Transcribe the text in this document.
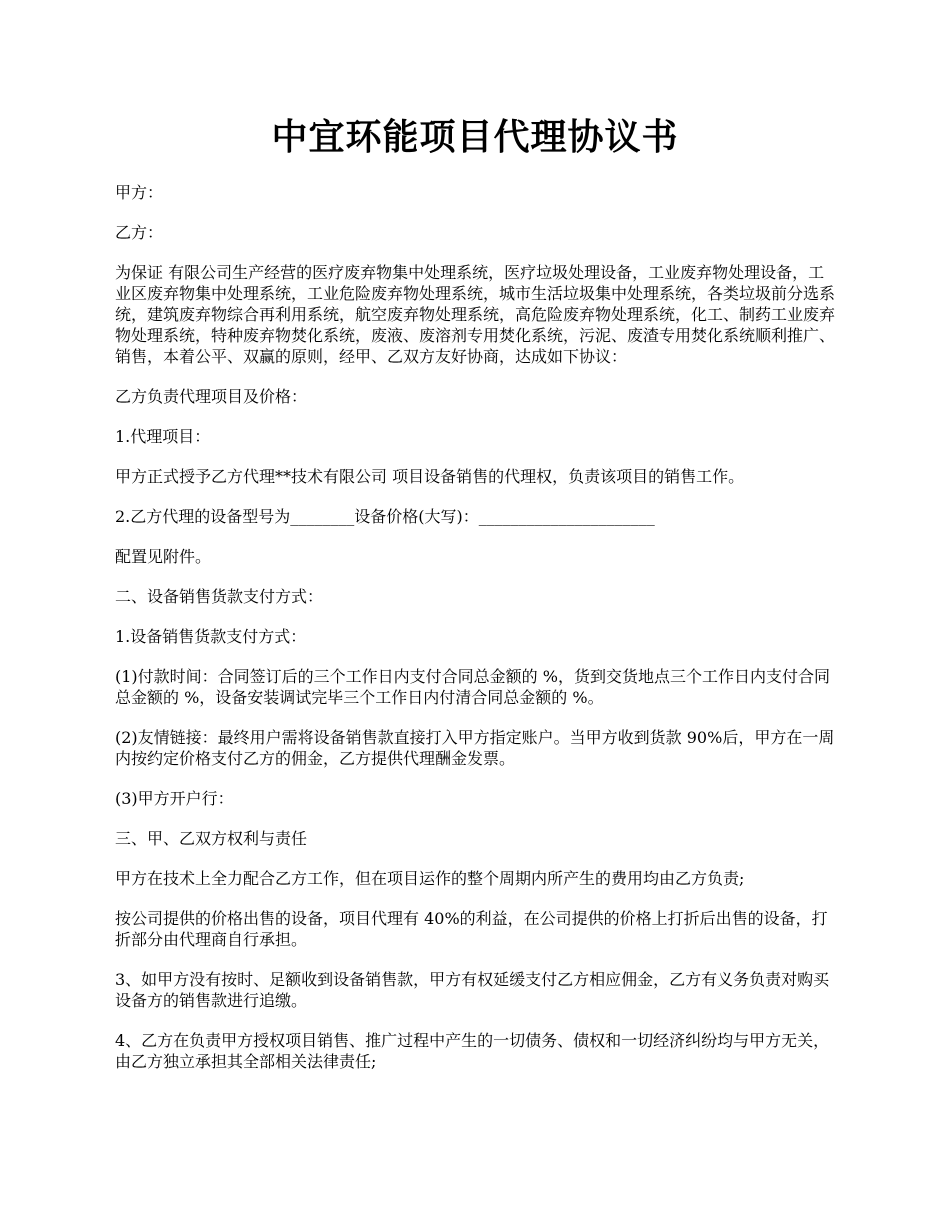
中宜环能项目代理协议书

甲方：

乙方：

为保证 有限公司生产经营的医疗废弃物集中处理系统，医疗垃圾处理设备，工业废弃物处理设备，工业区废弃物集中处理系统，工业危险废弃物处理系统，城市生活垃圾集中处理系统，各类垃圾前分选系统，建筑废弃物综合再利用系统，航空废弃物处理系统，高危险废弃物处理系统，化工、制药工业废弃物处理系统，特种废弃物焚化系统，废液、废溶剂专用焚化系统，污泥、废渣专用焚化系统顺利推广、销售，本着公平、双赢的原则，经甲、乙双方友好协商，达成如下协议：

乙方负责代理项目及价格：

1.代理项目：

甲方正式授予乙方代理**技术有限公司 项目设备销售的代理权，负责该项目的销售工作。

2.乙方代理的设备型号为________设备价格(大写)：______________________

配置见附件。

二、设备销售货款支付方式：

1.设备销售货款支付方式：

(1)付款时间：合同签订后的三个工作日内支付合同总金额的 %，货到交货地点三个工作日内支付合同总金额的 %，设备安装调试完毕三个工作日内付清合同总金额的 %。

(2)友情链接：最终用户需将设备销售款直接打入甲方指定账户。当甲方收到货款 90%后，甲方在一周内按约定价格支付乙方的佣金，乙方提供代理酬金发票。

(3)甲方开户行：

三、甲、乙双方权利与责任

甲方在技术上全力配合乙方工作，但在项目运作的整个周期内所产生的费用均由乙方负责;

按公司提供的价格出售的设备，项目代理有 40%的利益，在公司提供的价格上打折后出售的设备，打折部分由代理商自行承担。

3、如甲方没有按时、足额收到设备销售款，甲方有权延缓支付乙方相应佣金，乙方有义务负责对购买设备方的销售款进行追缴。

4、乙方在负责甲方授权项目销售、推广过程中产生的一切债务、债权和一切经济纠纷均与甲方无关，由乙方独立承担其全部相关法律责任;
